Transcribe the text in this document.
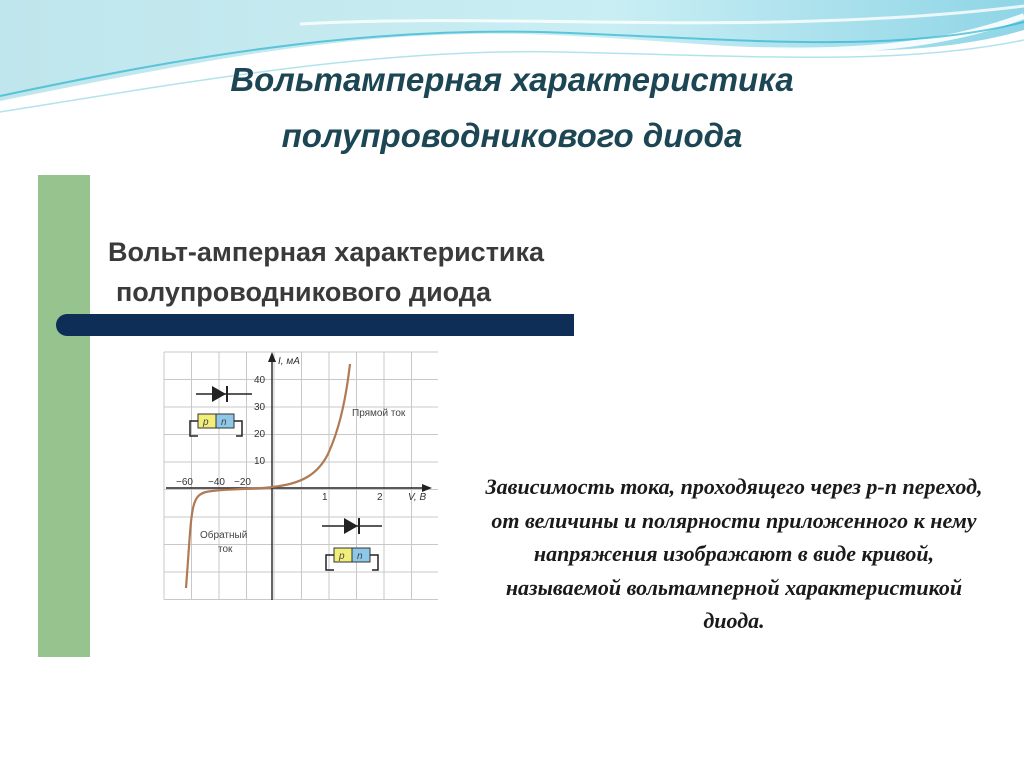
Вольтамперная характеристика
полупроводникового диода
Вольт-амперная характеристика
полупроводникового диода
I, мА
V, В
40
30
20
10
−60 −40 −20
1	2
Прямой ток
Обратный
ток
p n
p n

Зависимость тока, проходящего через р-п переход, от величины и полярности приложенного к нему напряжения изображают в виде кривой, называемой вольтамперной характеристикой диода.
